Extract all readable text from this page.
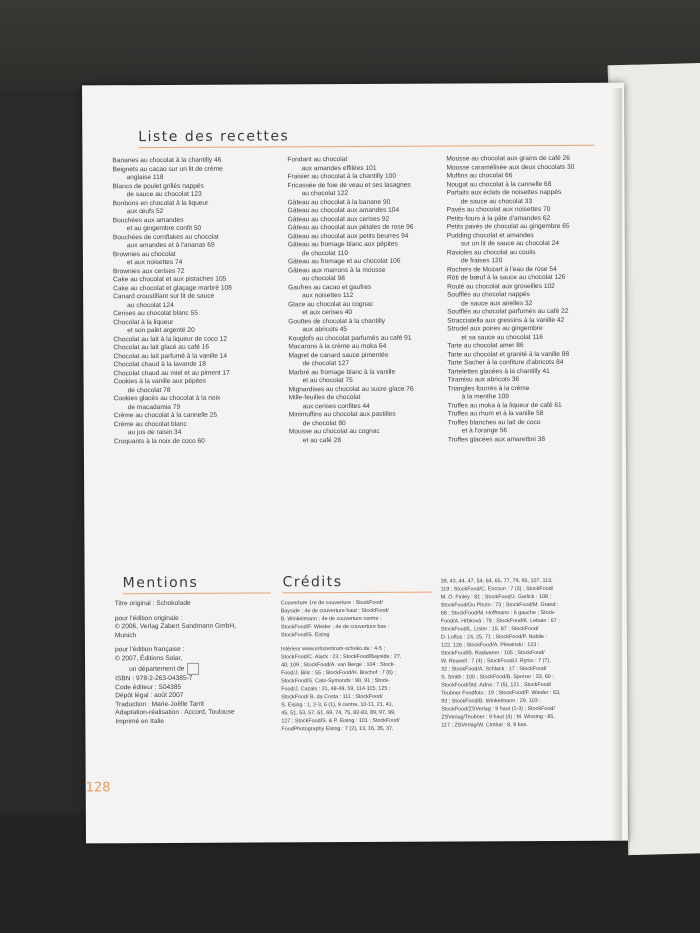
Liste des recettes
Bananes au chocolat à la chantilly 46
Beignets au cacao sur un lit de crème
anglaise 118
Blancs de poulet grillés nappés
de sauce au chocolat 123
Bonbons en chocolat à la liqueur
aux œufs 52
Bouchées aux amandes
et au gingembre confit 50
Bouchées de cornflakes au chocolat
aux amandes et à l'ananas 69
Brownies au chocolat
et aux noisettes 74
Brownies aux cerises 72
Cake au chocolat et aux pistaches 105
Cake au chocolat et glaçage marbré 108
Canard croustillant sur lit de sauce
au chocolat 124
Cerises au chocolat blanc 55
Chocolat à la liqueur
et son palet argenté 20
Chocolat au lait à la liqueur de coco 12
Chocolat au lait glacé au café 16
Chocolat au lait parfumé à la vanille 14
Chocolat chaud à la lavande 18
Chocolat chaud au miel et au piment 17
Cookies à la vanille aux pépites
de chocolat 78
Cookies glacés au chocolat à la noix
de macadamia 79
Crème au chocolat à la cannelle 25
Crème au chocolat blanc
au jus de raisin 34
Croquants à la noix de coco 60
Fondant au chocolat
aux amandes effilées 101
Fraisier au chocolat à la chantilly 100
Fricassée de foie de veau et ses lasagnes
au chocolat 122
Gâteau au chocolat à la banane 90
Gâteau au chocolat aux amandes 104
Gâteau au chocolat aux cerises 92
Gâteau au chocolat aux pétales de rose 96
Gâteau au chocolat aux petits beurres 94
Gâteau au fromage blanc aux pépites
de chocolat 110
Gâteau au fromage et au chocolat 106
Gâteau aux marrons à la mousse
au chocolat 98
Gaufres au cacao et gaufres
aux noisettes 112
Glace au chocolat au cognac
et aux cerises 40
Gouttes de chocolat à la chantilly
aux abricots 45
Kouglofs au chocolat parfumés au café 91
Macarons à la crème au moka 64
Magret de canard sauce pimentée
de chocolat 127
Marbré au fromage blanc à la vanille
et au chocolat 75
Mignardises au chocolat au sucre glace 76
Mille-feuilles de chocolat
aux cerises confites 44
Minimuffins au chocolat aux pastilles
de chocolat 80
Mousse au chocolat au cognac
et au café 28
Mousse au chocolat aux grains de café 26
Mousse caramélisée aux deux chocolats 30
Muffins au chocolat 66
Nougat au chocolat à la cannelle 68
Parfaits aux éclats de noisettes nappés
de sauce au chocolat 33
Pavés au chocolat aux noisettes 70
Petits-fours à la pâte d'amandes 62
Petits pavés de chocolat au gingembre 65
Pudding chocolat et amandes
sur un lit de sauce au chocolat 24
Ravioles au chocolat au coulis
de fraises 120
Rochers de Mozart à l'eau de rose 54
Rôti de bœuf à la sauce au chocolat 126
Roulé au chocolat aux groseilles 102
Soufflés au chocolat nappés
de sauce aux airelles 32
Soufflés au chocolat parfumés au café 22
Stracciatella aux gressins à la vanille 42
Strudel aux poires au gingembre
et sa sauce au chocolat 116
Tarte au chocolat amer 86
Tarte au chocolat et granité à la vanille 88
Tarte Sacher à la confiture d'abricots 84
Tartelettes glacées à la chantilly 41
Tiramisu aux abricots 36
Triangles fourrés à la crème
à la menthe 109
Truffes au moka à la liqueur de café 61
Truffes au rhum et à la vanille 58
Truffes blanches au lait de coco
et à l'orange 56
Truffes glacées aux amarettini 38
Mentions	Crédits
Titre original : Schokolade
pour l'édition originale :
© 2006, Verlag Zabert Sandmann GmbH,
Munich
pour l'édition française :
© 2007, Éditions Solar,
un département de
ISBN : 978-2-263-04385-7
Code éditeur : S04385
Dépôt légal : août 2007
Traduction : Marie-Joëlle Tarrit
Adaptation-réalisation : Accord, Toulouse
Imprimé en Italie
Couverture 1re de couverture : StockFood/
Bayside ; 4e de couverture haut : StockFood/
B. Winkelmann ; 4e de couverture centre :
StockFood/F. Wieder ; 4e de couverture bas :
StockFood/S. Eising
Intérieur www.infozentrum-schoko.de : 4-5 ;
StockFood/C. Alack : 23 ; StockFood/Bayside : 27,
40, 109 ; StockFood/A. van Berge : 104 ; Stock-
Food/J. Bilic : 55 ; StockFood/H. Bischof : 7 (6) ;
StockFood/S. Cato-Symonds : 90, 91 ; Stock-
Food/J. Cazals : 31, 48-49, 59, 114-115, 125 ;
StockFood/ B. da Costa : 111 ; StockFood/
S. Eising : 1, 2-3, 6 (1), 9 centre, 10-11, 21, 41,
45, 51, 53, 57, 61, 69, 74, 75, 82-83, 89, 97, 99,
127 ; StockFood/S. & P. Eising : 101 ; StockFood/
FoodPhotography Eising : 7 (2), 13, 16, 35, 37,
39, 43, 44, 47, 54, 64, 65, 77, 79, 95, 107, 113,
119 ; StockFood/C. Ericson : 7 (3) ; StockFood/
M. O. Finley : 81 ; StockFood/J. Garlick : 108 ;
StockFood/Gu Photo : 73 ; StockFood/M. Grand :
68 ; StockFood/M. Hoffmann : 6 gauche ; Stock-
Food/A. Hrbková : 78 ; StockFood/K. Lebain : 67 ;
StockFood/L. Lister : 15, 87 ; StockFood/
D. Loftus : 24, 25, 71 ; StockFood/P. Nobile :
122, 126 ; StockFood/A. Plewinski : 123 ;
StockFood/B. Radwaner : 105 ; StockFood/
W. Reavell : 7 (4) ; StockFood/J. Rynio : 7 (7),
32 ; StockFood/A. Schlack : 17 ; StockFood/
S. Smith : 100 ; StockFood/B. Sporrer : 33, 60 ;
StockFood/Std. Adna : 7 (5), 121 ; StockFood/
Teubner Foodfoto : 19 ; StockFood/F. Wieder : 63,
93 ; StockFood/B. Winkelmann : 29, 103 ;
StockFood/ZSVerlag : 9 haut (1-3) ; StockFood/
ZSVerlag/Teubner : 9 haut (4) ; M. Wissing : 85,
117 ; ZSVerlag/W. Cimbal : 8, 9 bas.
128
